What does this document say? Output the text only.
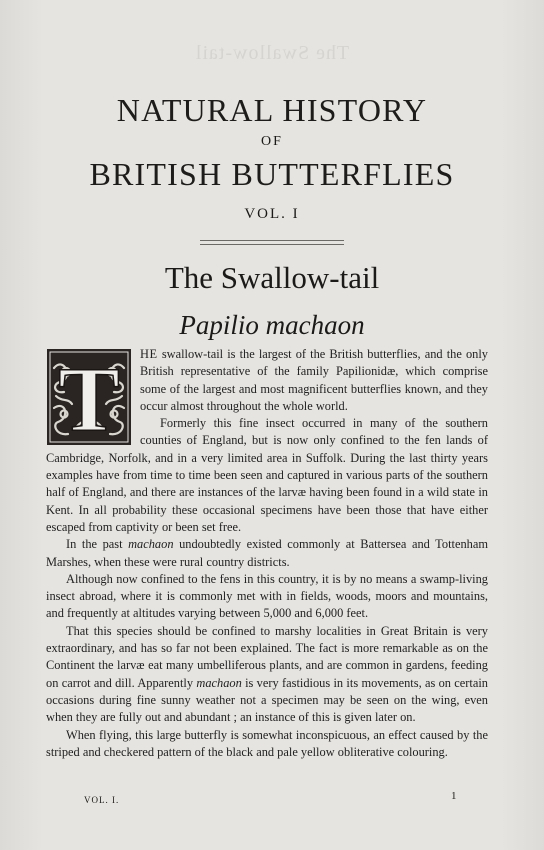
The Swallow-tail

NATURAL HISTORY

OF

BRITISH BUTTERFLIES

VOL. I
The Swallow-tail
Papilio machaon
T	HE swallow-tail is the largest of the British butterflies, and the only British representative of the family Papilionidæ, which comprise some of the largest and most magnificent butterflies known, and they occur almost throughout the whole world.

Formerly this fine insect occurred in many of the southern counties of England, but is now only confined to the fen lands of Cambridge, Norfolk, and in a very limited area in Suffolk. During the last thirty years examples have from time to time been seen and captured in various parts of the southern half of England, and there are instances of the larvæ having been found in a wild state in Kent. In all probability these occasional specimens have been those that have either escaped from captivity or been set free.

In the past machaon undoubtedly existed commonly at Battersea and Tottenham Marshes, when these were rural country districts.

Although now confined to the fens in this country, it is by no means a swamp-living insect abroad, where it is commonly met with in fields, woods, moors and mountains, and frequently at altitudes varying between 5,000 and 6,000 feet.

That this species should be confined to marshy localities in Great Britain is very extraordinary, and has so far not been explained. The fact is more remarkable as on the Continent the larvæ eat many umbelliferous plants, and are common in gardens, feeding on carrot and dill. Apparently machaon is very fastidious in its movements, as on certain occasions during fine sunny weather not a specimen may be seen on the wing, even when they are fully out and abundant ; an instance of this is given later on.

When flying, this large butterfly is somewhat inconspicuous, an effect caused by the striped and checkered pattern of the black and pale yellow obliterative colouring.

VOL. I.	1
